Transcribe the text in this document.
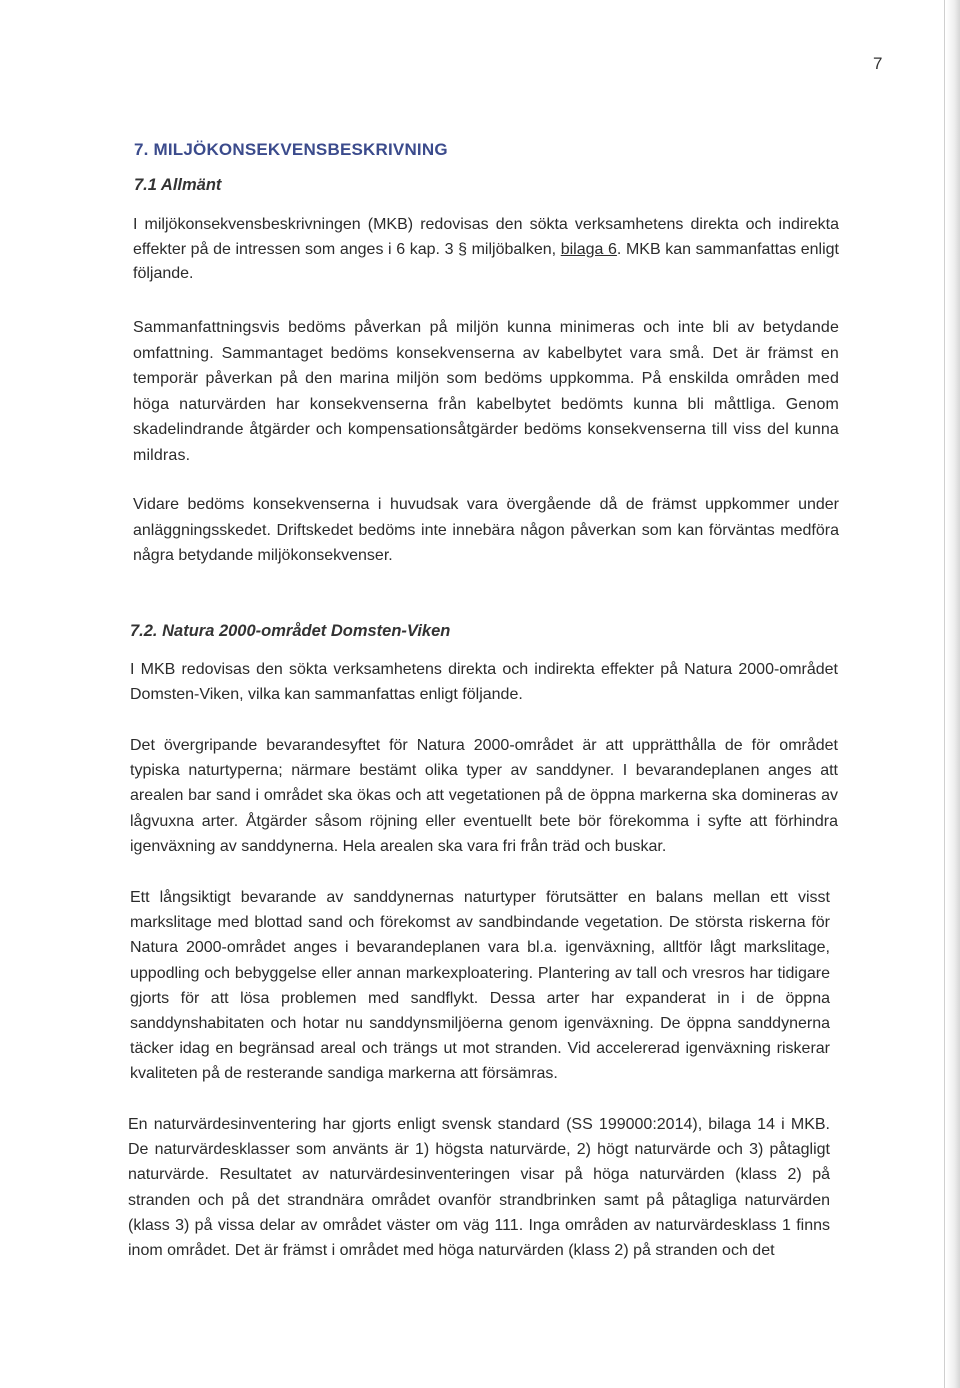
7
7. MILJÖKONSEKVENSBESKRIVNING
7.1 Allmänt

I miljökonsekvensbeskrivningen (MKB) redovisas den sökta verksamhetens direkta och indirekta effekter på de intressen som anges i 6 kap. 3 § miljöbalken, bilaga 6. MKB kan sammanfattas enligt följande.

Sammanfattningsvis bedöms påverkan på miljön kunna minimeras och inte bli av betydande omfattning. Sammantaget bedöms konsekvenserna av kabelbytet vara små. Det är främst en temporär påverkan på den marina miljön som bedöms uppkomma. På enskilda områden med höga naturvärden har konsekvenserna från kabelbytet bedömts kunna bli måttliga. Genom skadelindrande åtgärder och kompensationsåtgärder bedöms konsekvenserna till viss del kunna mildras.

Vidare bedöms konsekvenserna i huvudsak vara övergående då de främst uppkommer under anläggningsskedet. Driftskedet bedöms inte innebära någon påverkan som kan förväntas medföra några betydande miljökonsekvenser.

7.2. Natura 2000-området Domsten-Viken

I MKB redovisas den sökta verksamhetens direkta och indirekta effekter på Natura 2000-området Domsten-Viken, vilka kan sammanfattas enligt följande.

Det övergripande bevarandesyftet för Natura 2000-området är att upprätthålla de för området typiska naturtyperna; närmare bestämt olika typer av sanddyner. I bevarandeplanen anges att arealen bar sand i området ska ökas och att vegetationen på de öppna markerna ska domineras av lågvuxna arter. Åtgärder såsom röjning eller eventuellt bete bör förekomma i syfte att förhindra igenväxning av sanddynerna. Hela arealen ska vara fri från träd och buskar.

Ett långsiktigt bevarande av sanddynernas naturtyper förutsätter en balans mellan ett visst markslitage med blottad sand och förekomst av sandbindande vegetation. De största riskerna för Natura 2000-området anges i bevarandeplanen vara bl.a. igenväxning, alltför lågt markslitage, uppodling och bebyggelse eller annan markexploatering. Plantering av tall och vresros har tidigare gjorts för att lösa problemen med sandflykt. Dessa arter har expanderat in i de öppna sanddynshabitaten och hotar nu sanddynsmiljöerna genom igenväxning. De öppna sanddynerna täcker idag en begränsad areal och trängs ut mot stranden. Vid accelererad igenväxning riskerar kvaliteten på de resterande sandiga markerna att försämras.

En naturvärdesinventering har gjorts enligt svensk standard (SS 199000:2014), bilaga 14 i MKB. De naturvärdesklasser som använts är 1) högsta naturvärde, 2) högt naturvärde och 3) påtagligt naturvärde. Resultatet av naturvärdesinventeringen visar på höga naturvärden (klass 2) på stranden och på det strandnära området ovanför strandbrinken samt på påtagliga naturvärden (klass 3) på vissa delar av området väster om väg 111. Inga områden av naturvärdesklass 1 finns inom området. Det är främst i området med höga naturvärden (klass 2) på stranden och det
